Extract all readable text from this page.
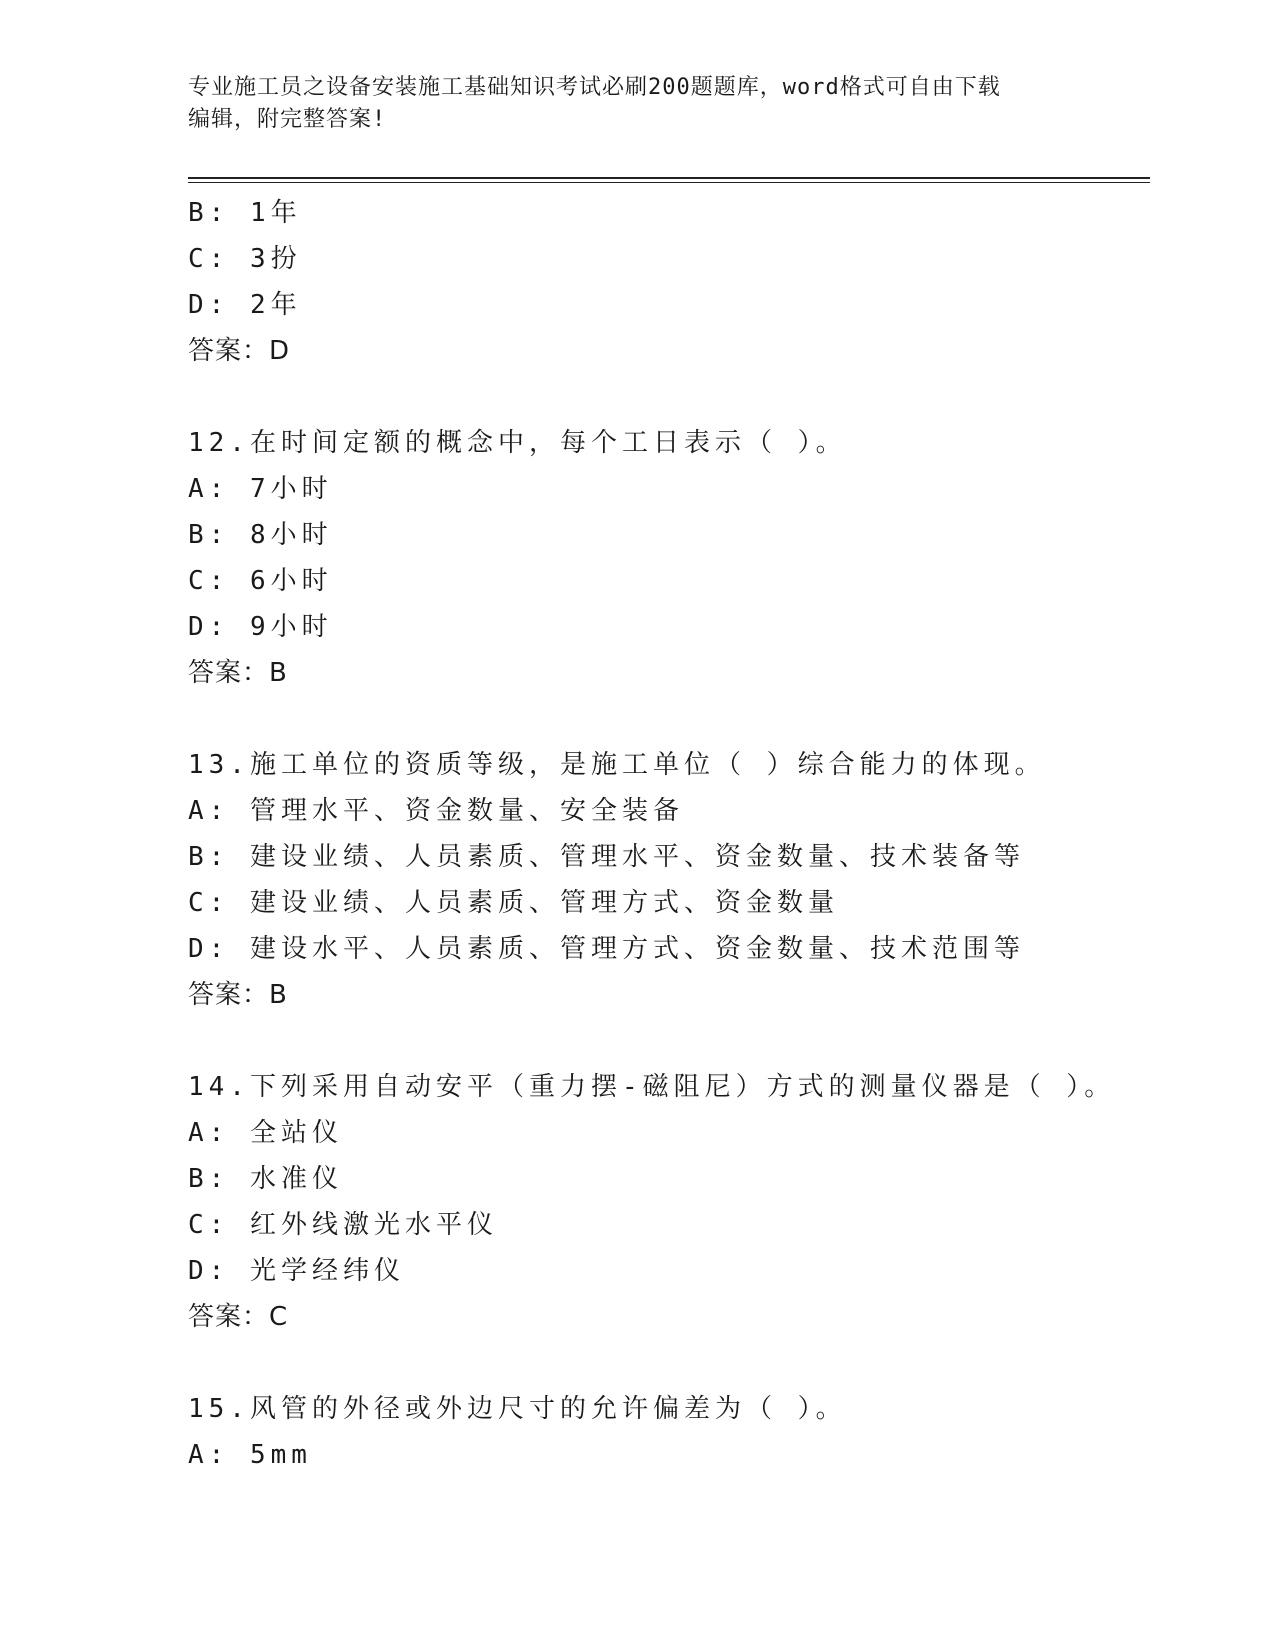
专业施工员之设备安装施工基础知识考试必刷200题题库，word格式可自由下载
编辑，附完整答案!
B: 1年
C: 3扮
D: 2年
答案：D
12.在时间定额的概念中，每个工日表示（ ）。
A: 7小时
B: 8小时
C: 6小时
D: 9小时
答案：B
13.施工单位的资质等级，是施工单位（ ）综合能力的体现。
A: 管理水平、资金数量、安全装备
B: 建设业绩、人员素质、管理水平、资金数量、技术装备等
C: 建设业绩、人员素质、管理方式、资金数量
D: 建设水平、人员素质、管理方式、资金数量、技术范围等
答案：B
14.下列采用自动安平（重力摆-磁阻尼）方式的测量仪器是（ ）。
A: 全站仪
B: 水准仪
C: 红外线激光水平仪
D: 光学经纬仪
答案：C
15.风管的外径或外边尺寸的允许偏差为（ ）。
A: 5mm
